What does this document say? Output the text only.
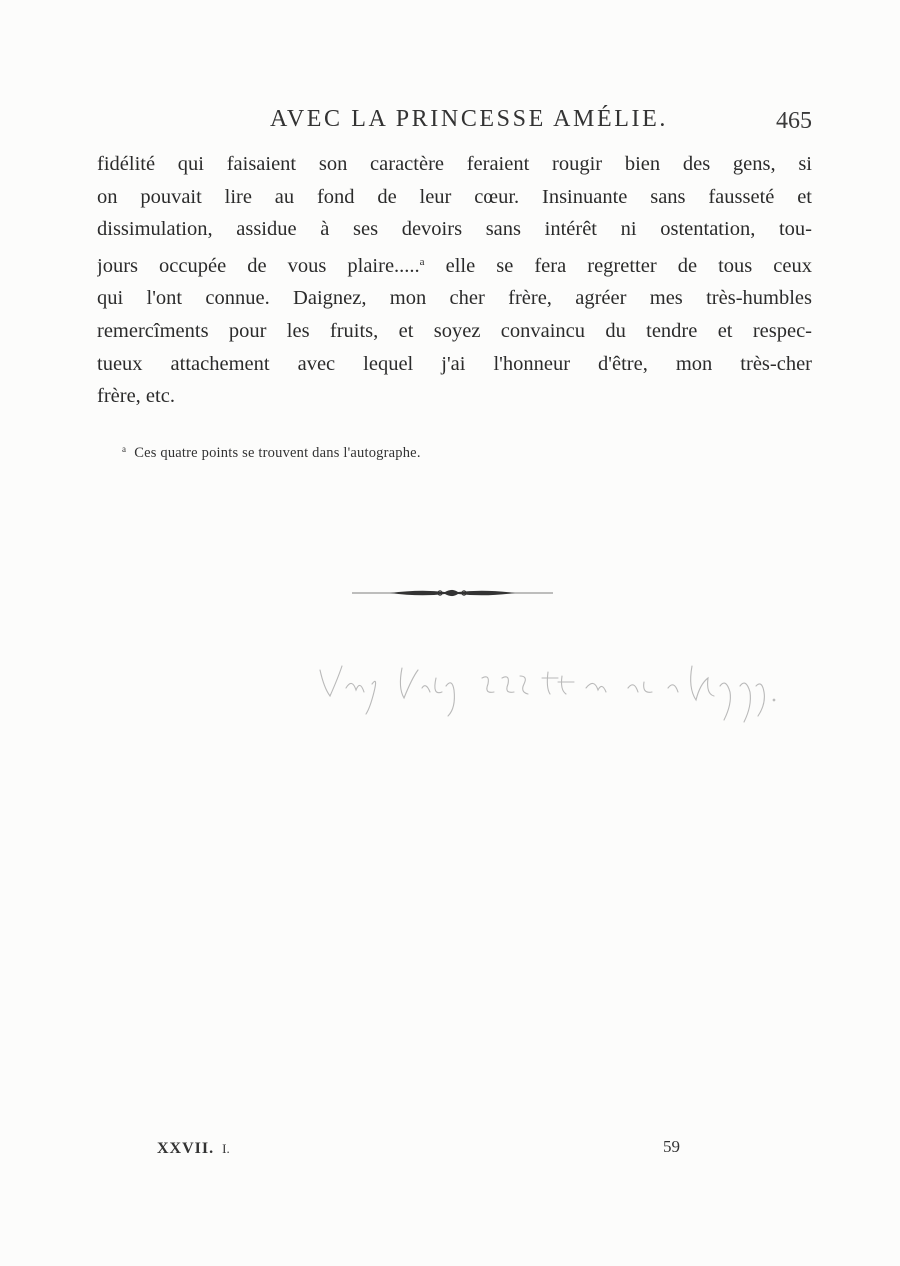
AVEC LA PRINCESSE AMÉLIE.	465
fidélité qui faisaient son caractère feraient rougir bien des gens, si
on pouvait lire au fond de leur cœur. Insinuante sans fausseté et
dissimulation, assidue à ses devoirs sans intérêt ni ostentation, tou-
jours occupée de vous plaire.....$^a$ elle se fera regretter de tous ceux
qui l'ont connue. Daignez, mon cher frère, agréer mes très-humbles
remercîments pour les fruits, et soyez convaincu du tendre et respec-
tueux attachement avec lequel j'ai l'honneur d'être, mon très-cher
frère, etc.
$^a$ Ces quatre points se trouvent dans l'autographe.
XXVII. I.	59
